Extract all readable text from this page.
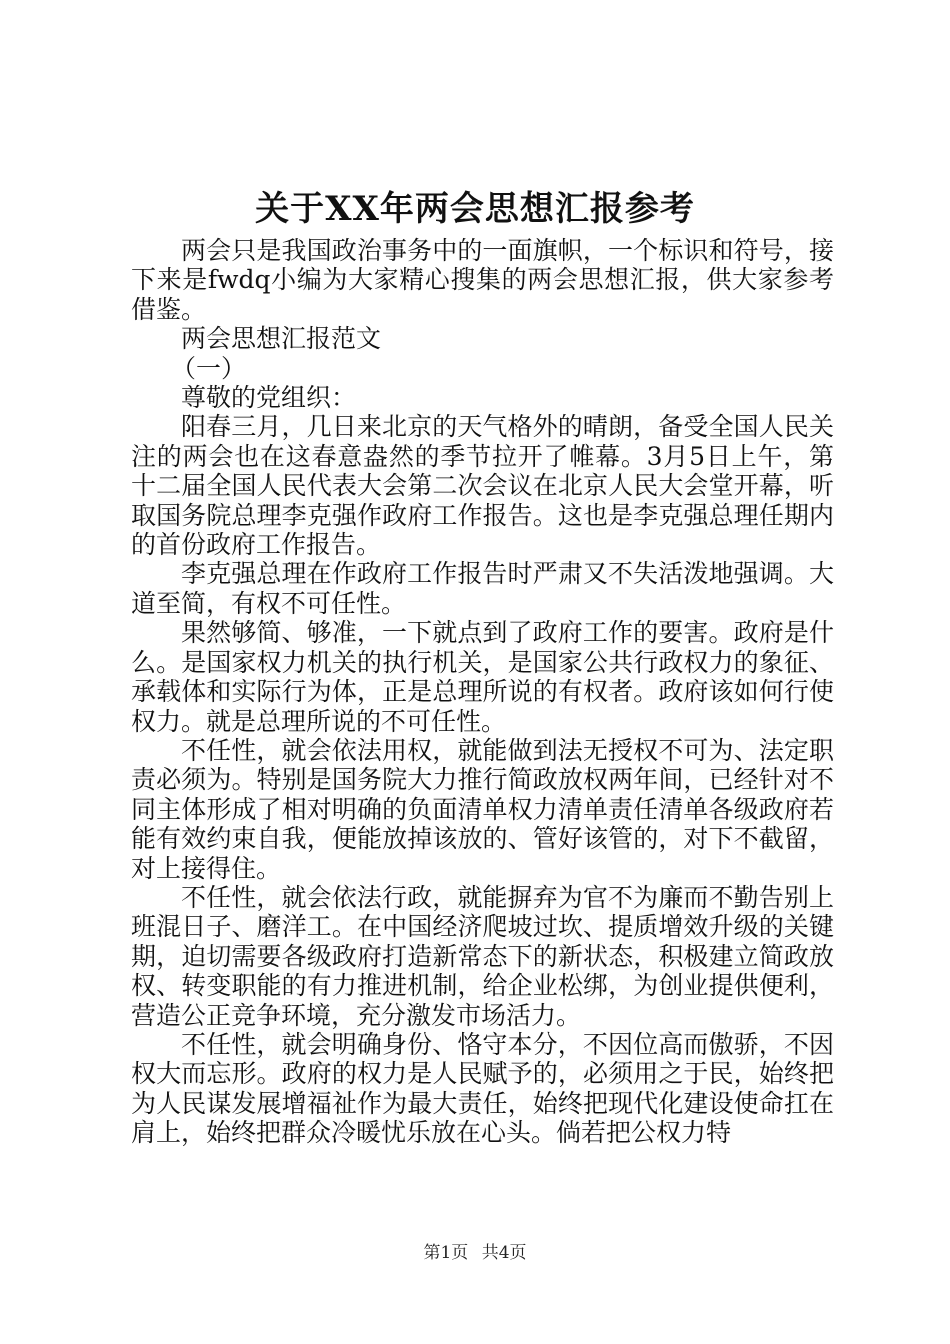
关于XX年两会思想汇报参考

两会只是我国政治事务中的一面旗帜，一个标识和符号，接下来是fwdq小编为大家精心搜集的两会思想汇报，供大家参考借鉴。

两会思想汇报范文

（一）

尊敬的党组织：

阳春三月，几日来北京的天气格外的晴朗，备受全国人民关注的两会也在这春意盎然的季节拉开了帷幕。3月5日上午，第十二届全国人民代表大会第二次会议在北京人民大会堂开幕，听取国务院总理李克强作政府工作报告。这也是李克强总理任期内的首份政府工作报告。

李克强总理在作政府工作报告时严肃又不失活泼地强调。大道至简，有权不可任性。

果然够简、够准，一下就点到了政府工作的要害。政府是什么。是国家权力机关的执行机关，是国家公共行政权力的象征、承载体和实际行为体，正是总理所说的有权者。政府该如何行使权力。就是总理所说的不可任性。

不任性，就会依法用权，就能做到法无授权不可为、法定职责必须为。特别是国务院大力推行简政放权两年间，已经针对不同主体形成了相对明确的负面清单权力清单责任清单各级政府若能有效约束自我，便能放掉该放的、管好该管的，对下不截留，对上接得住。

不任性，就会依法行政，就能摒弃为官不为廉而不勤告别上班混日子、磨洋工。在中国经济爬坡过坎、提质增效升级的关键期，迫切需要各级政府打造新常态下的新状态，积极建立简政放权、转变职能的有力推进机制，给企业松绑，为创业提供便利，营造公正竞争环境，充分激发市场活力。

不任性，就会明确身份、恪守本分，不因位高而傲骄，不因权大而忘形。政府的权力是人民赋予的，必须用之于民，始终把为人民谋发展增福祉作为最大责任，始终把现代化建设使命扛在肩上，始终把群众冷暖忧乐放在心头。倘若把公权力特

第1页 共4页
